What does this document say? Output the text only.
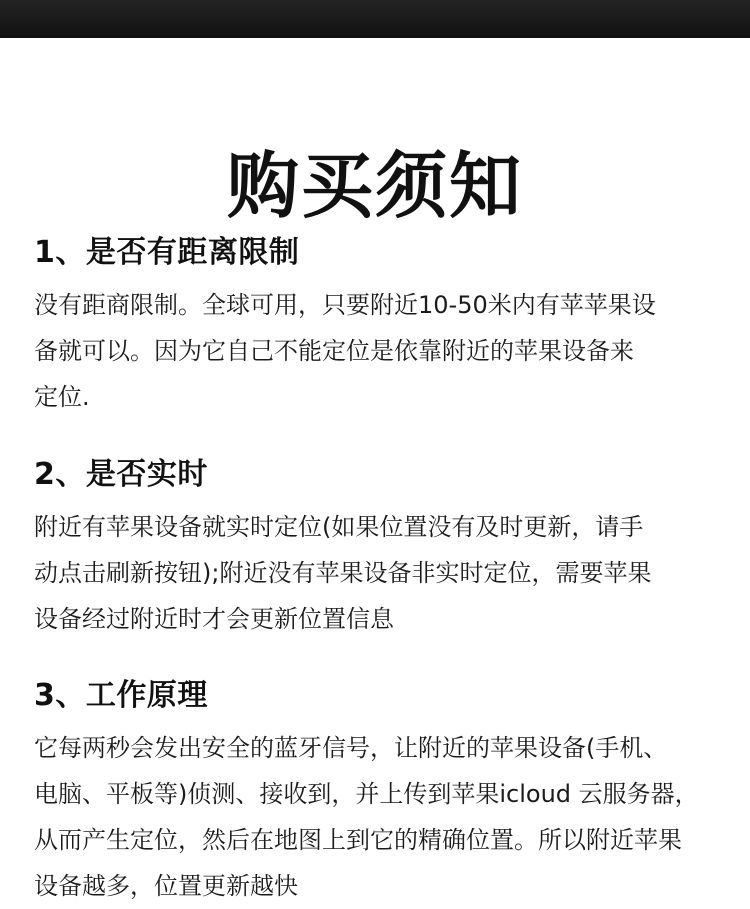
购买须知
1、是否有距离限制

没有距商限制。全球可用，只要附近10-50米内有苹苹果设
备就可以。因为它自己不能定位是依靠附近的苹果设备来
定位.

2、是否实时

附近有苹果设备就实时定位(如果位置没有及时更新，请手
动点击刷新按钮);附近没有苹果设备非实时定位，需要苹果
设备经过附近时才会更新位置信息

3、工作原理

它每两秒会发出安全的蓝牙信号，让附近的苹果设备(手机、
电脑、平板等)侦测、接收到，并上传到苹果icloud 云服务器，
从而产生定位，然后在地图上到它的精确位置。所以附近苹果
设备越多，位置更新越快
